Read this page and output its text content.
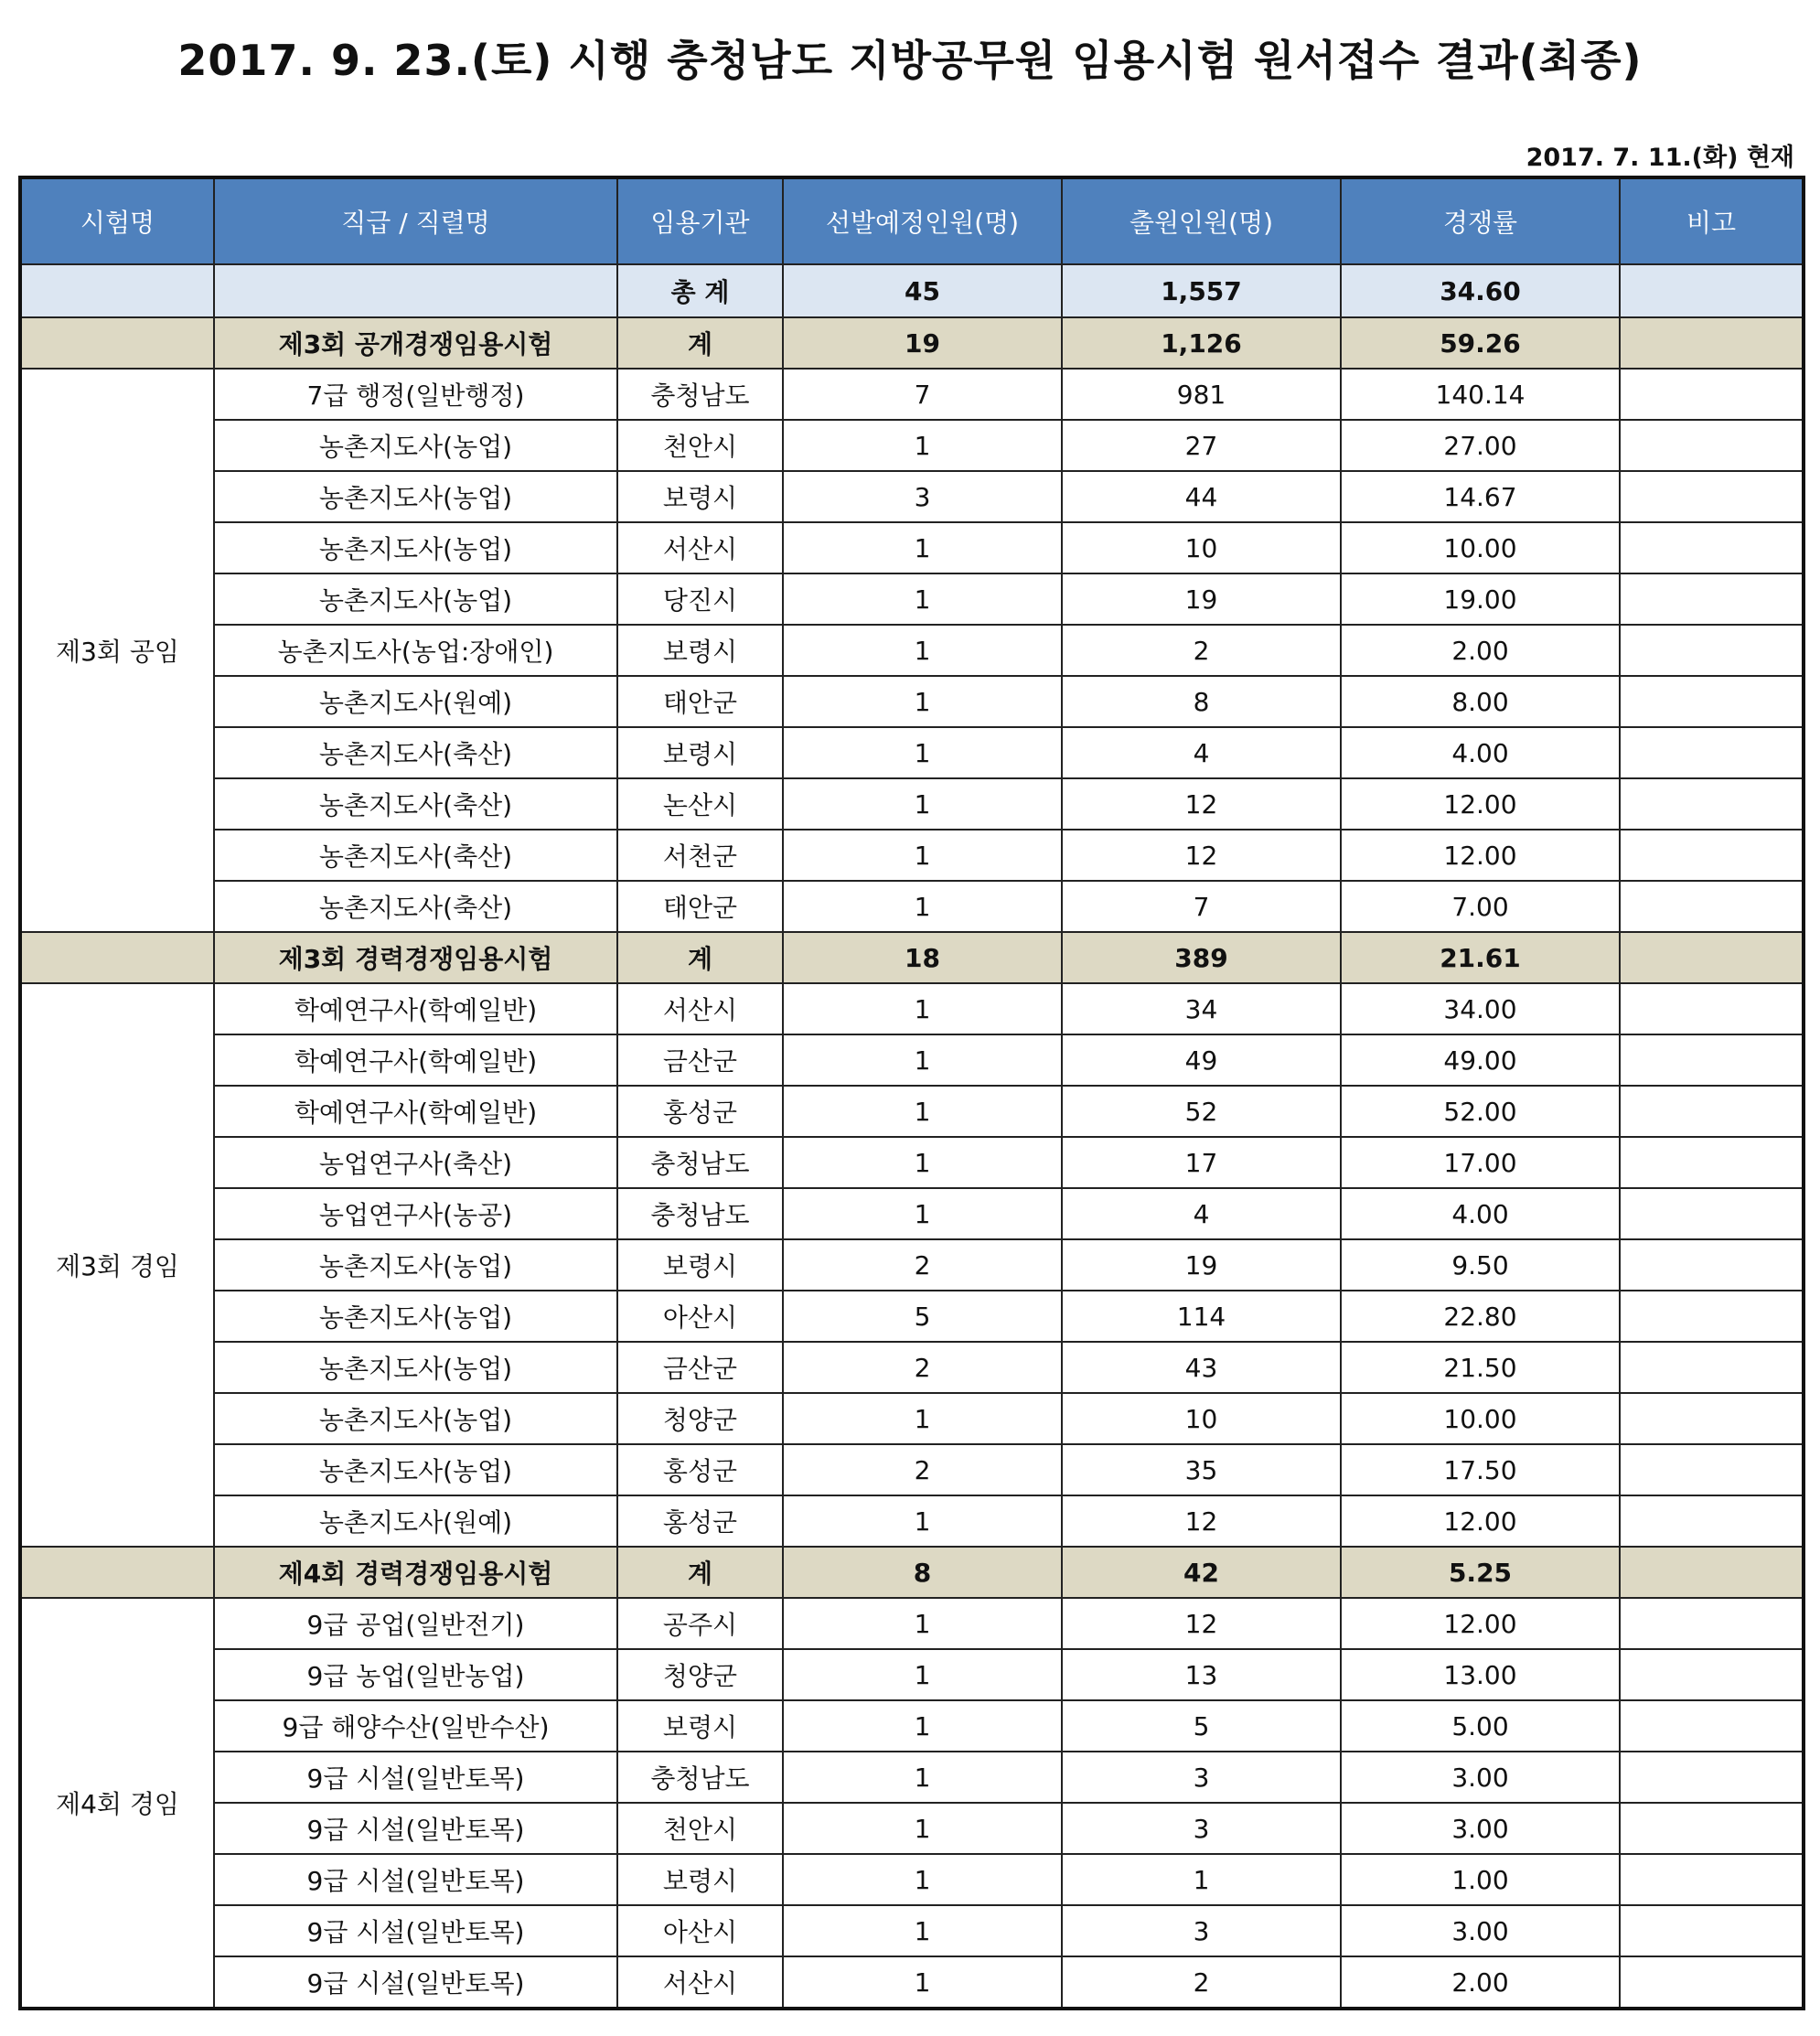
2017. 9. 23.(토) 시행 충청남도 지방공무원 임용시험 원서접수 결과(최종)
2017. 7. 11.(화) 현재
시험명	직급 / 직렬명	임용기관	선발예정인원(명)	출원인원(명)	경쟁률	비고
		총 계	45	1,557	34.60	
	제3회 공개경쟁임용시험	계	19	1,126	59.26	
제3회 공임	7급 행정(일반행정)	충청남도	7	981	140.14	
	농촌지도사(농업)	천안시	1	27	27.00	
	농촌지도사(농업)	보령시	3	44	14.67	
	농촌지도사(농업)	서산시	1	10	10.00	
	농촌지도사(농업)	당진시	1	19	19.00	
	농촌지도사(농업:장애인)	보령시	1	2	2.00	
	농촌지도사(원예)	태안군	1	8	8.00	
	농촌지도사(축산)	보령시	1	4	4.00	
	농촌지도사(축산)	논산시	1	12	12.00	
	농촌지도사(축산)	서천군	1	12	12.00	
	농촌지도사(축산)	태안군	1	7	7.00	
	제3회 경력경쟁임용시험	계	18	389	21.61	
제3회 경임	학예연구사(학예일반)	서산시	1	34	34.00	
	학예연구사(학예일반)	금산군	1	49	49.00	
	학예연구사(학예일반)	홍성군	1	52	52.00	
	농업연구사(축산)	충청남도	1	17	17.00	
	농업연구사(농공)	충청남도	1	4	4.00	
	농촌지도사(농업)	보령시	2	19	9.50	
	농촌지도사(농업)	아산시	5	114	22.80	
	농촌지도사(농업)	금산군	2	43	21.50	
	농촌지도사(농업)	청양군	1	10	10.00	
	농촌지도사(농업)	홍성군	2	35	17.50	
	농촌지도사(원예)	홍성군	1	12	12.00	
	제4회 경력경쟁임용시험	계	8	42	5.25	
제4회 경임	9급 공업(일반전기)	공주시	1	12	12.00	
	9급 농업(일반농업)	청양군	1	13	13.00	
	9급 해양수산(일반수산)	보령시	1	5	5.00	
	9급 시설(일반토목)	충청남도	1	3	3.00	
	9급 시설(일반토목)	천안시	1	3	3.00	
	9급 시설(일반토목)	보령시	1	1	1.00	
	9급 시설(일반토목)	아산시	1	3	3.00	
	9급 시설(일반토목)	서산시	1	2	2.00	
